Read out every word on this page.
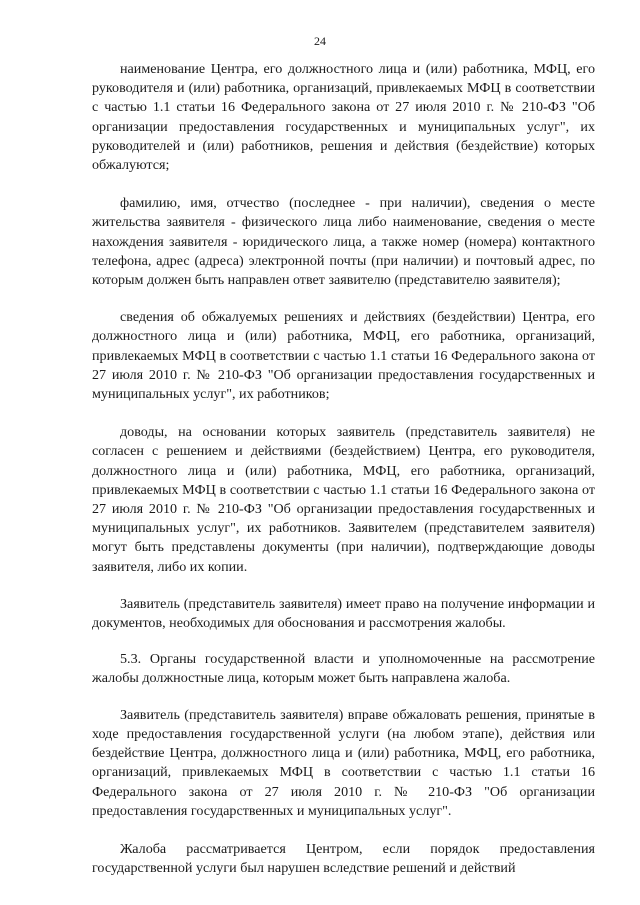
24

наименование Центра, его должностного лица и (или) работника, МФЦ, его руководителя и (или) работника, организаций, привлекаемых МФЦ в соответствии с частью 1.1 статьи 16 Федерального закона от 27 июля 2010 г. № 210-ФЗ "Об организации предоставления государственных и муниципальных услуг", их руководителей и (или) работников, решения и действия (бездействие) которых обжалуются;

фамилию, имя, отчество (последнее - при наличии), сведения о месте жительства заявителя - физического лица либо наименование, сведения о месте нахождения заявителя - юридического лица, а также номер (номера) контактного телефона, адрес (адреса) электронной почты (при наличии) и почтовый адрес, по которым должен быть направлен ответ заявителю (представителю заявителя);

сведения об обжалуемых решениях и действиях (бездействии) Центра, его должностного лица и (или) работника, МФЦ, его работника, организаций, привлекаемых МФЦ в соответствии с частью 1.1 статьи 16 Федерального закона от 27 июля 2010 г. № 210-ФЗ "Об организации предоставления государственных и муниципальных услуг", их работников;

доводы, на основании которых заявитель (представитель заявителя) не согласен с решением и действиями (бездействием) Центра, его руководителя, должностного лица и (или) работника, МФЦ, его работника, организаций, привлекаемых МФЦ в соответствии с частью 1.1 статьи 16 Федерального закона от 27 июля 2010 г. № 210-ФЗ "Об организации предоставления государственных и муниципальных услуг", их работников. Заявителем (представителем заявителя) могут быть представлены документы (при наличии), подтверждающие доводы заявителя, либо их копии.

Заявитель (представитель заявителя) имеет право на получение информации и документов, необходимых для обоснования и рассмотрения жалобы.

5.3. Органы государственной власти и уполномоченные на рассмотрение жалобы должностные лица, которым может быть направлена жалоба.

Заявитель (представитель заявителя) вправе обжаловать решения, принятые в ходе предоставления государственной услуги (на любом этапе), действия или бездействие Центра, должностного лица и (или) работника, МФЦ, его работника, организаций, привлекаемых МФЦ в соответствии с частью 1.1 статьи 16 Федерального закона от 27 июля 2010 г. № 210-ФЗ "Об организации предоставления государственных и муниципальных услуг".

Жалоба рассматривается Центром, если порядок предоставления государственной услуги был нарушен вследствие решений и действий
